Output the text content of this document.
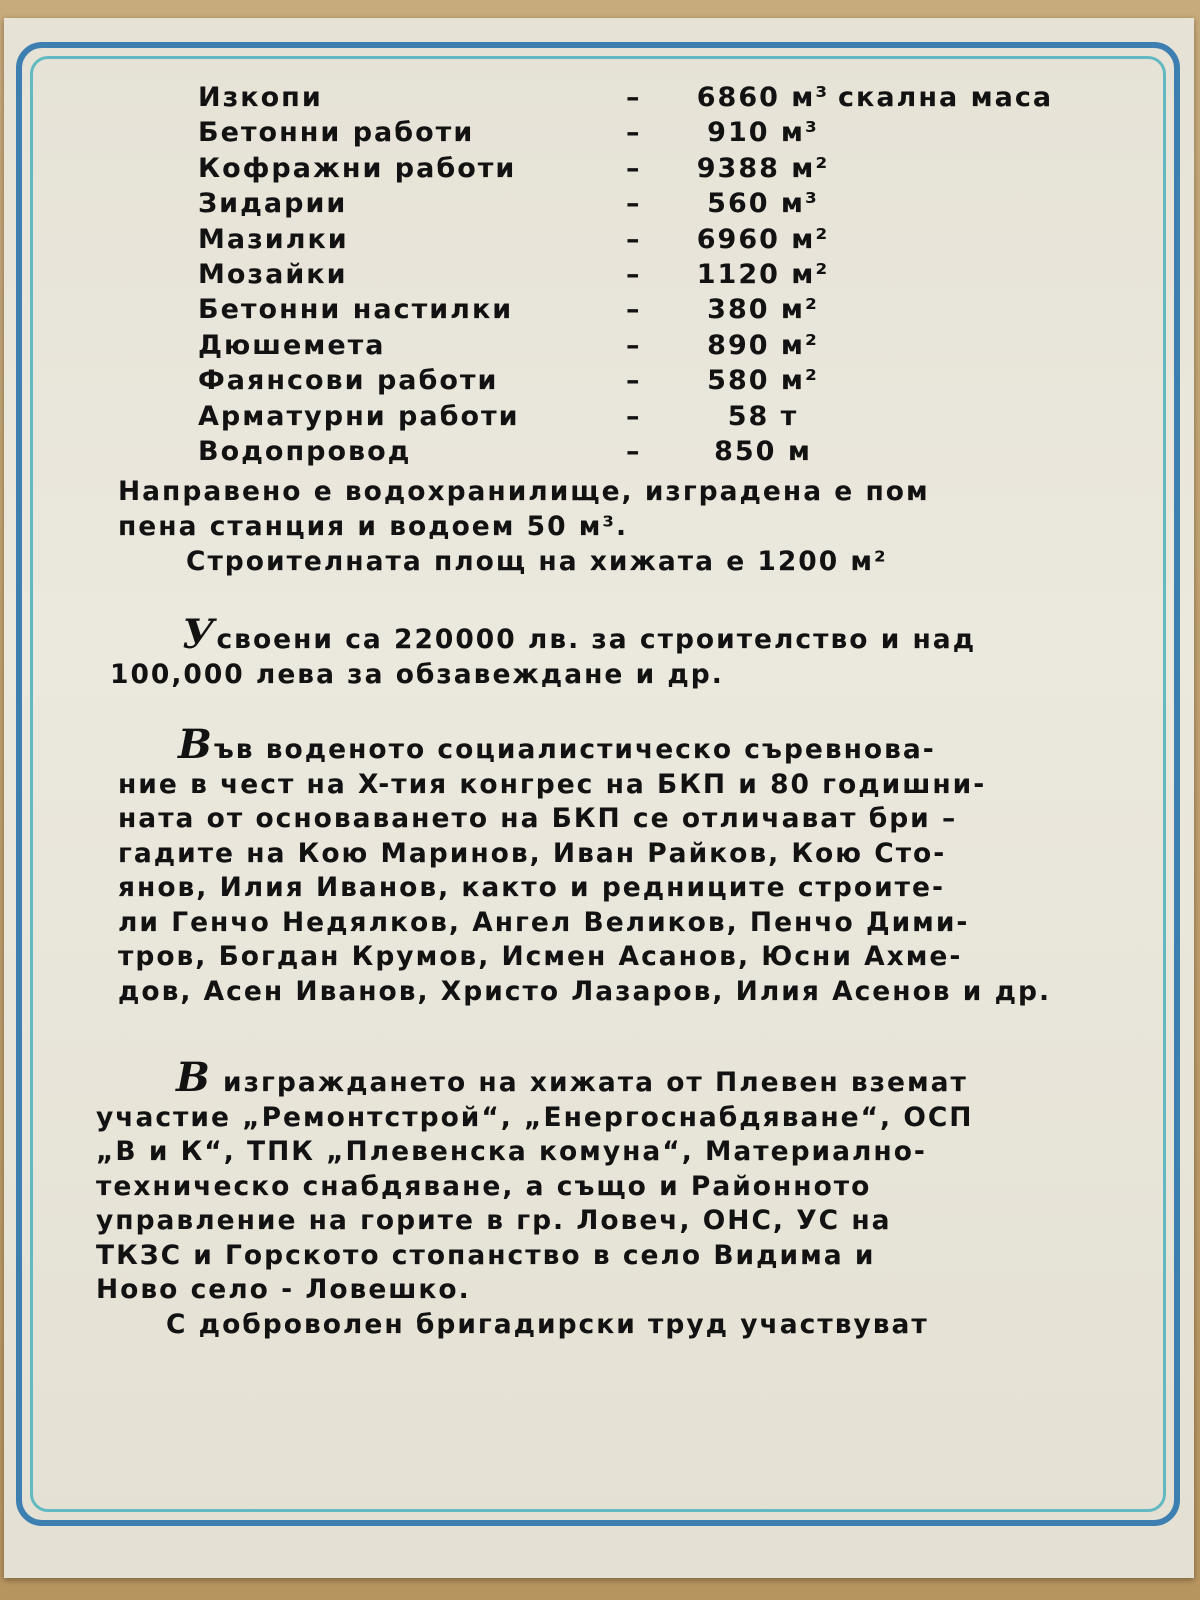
Изкопи	–	6860 м³ скална маса
Бетонни работи	–	910 м³
Кофражни работи	–	9388 м²
Зидарии	–	560 м³
Мазилки	–	6960 м²
Мозайки	–	1120 м²
Бетонни настилки	–	380 м²
Дюшемета	–	890 м²
Фаянсови работи	–	580 м²
Арматурни работи	–	58 т
Водопровод	–	850 м
Направено е водохранилище, изградена е пом
пена станция и водоем 50 м³.
Строителната площ на хижата е 1200 м²
Усвоени са 220000 лв. за строителство и над
100,000 лева за обзавеждане и др.
Във воденото социалистическо съревнова-
ние в чест на X-тия конгрес на БКП и 80 годишни-
ната от основаването на БКП се отличават бри –
гадите на Кою Маринов, Иван Райков, Кою Сто-
янов, Илия Иванов, както и редниците строите-
ли Генчо Недялков, Ангел Великов, Пенчо Дими-
тров, Богдан Крумов, Исмен Асанов, Юсни Ахме-
дов, Асен Иванов, Христо Лазаров, Илия Асенов и др.
В изграждането на хижата от Плевен вземат
участие „Ремонтстрой“, „Енергоснабдяване“, ОСП
„В и К“, ТПК „Плевенска комуна“, Материално-
техническо снабдяване, а също и Районното
управление на горите в гр. Ловеч, ОНС, УС на
ТКЗС и Горското стопанство в село Видима и
Ново село - Ловешко.
С доброволен бригадирски труд участвуват
